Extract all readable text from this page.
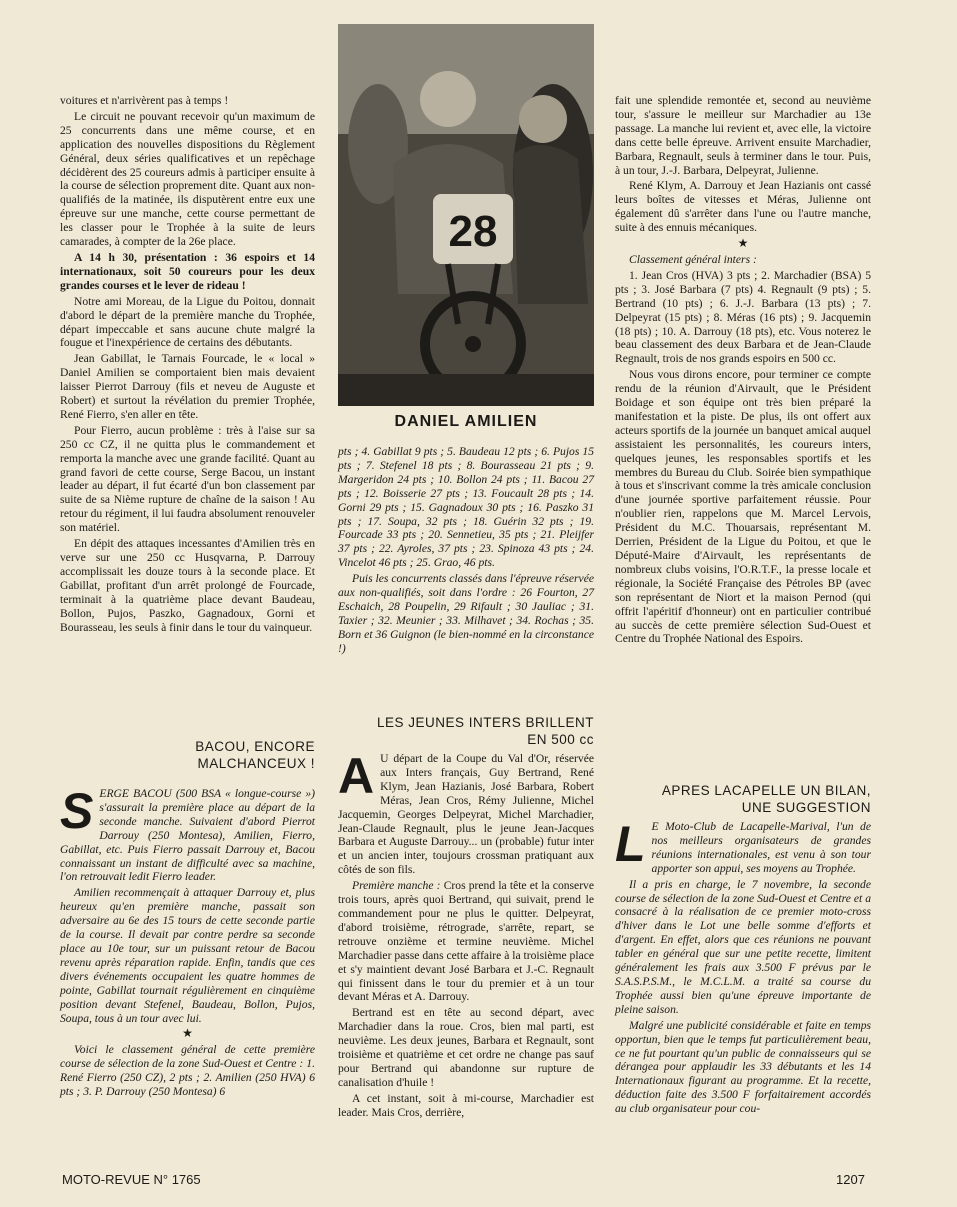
voitures et n'arrivèrent pas à temps !

Le circuit ne pouvant recevoir qu'un maximum de 25 concurrents dans une même course, et en application des nouvelles dispositions du Règlement Général, deux séries qualificatives et un repêchage décidèrent des 25 coureurs admis à participer ensuite à la course de sélection proprement dite. Quant aux non-qualifiés de la matinée, ils disputèrent entre eux une épreuve sur une manche, cette course permettant de les classer pour le Trophée à la suite de leurs camarades, à compter de la 26e place.

A 14 h 30, présentation : 36 espoirs et 14 internationaux, soit 50 coureurs pour les deux grandes courses et le lever de rideau !

Notre ami Moreau, de la Ligue du Poitou, donnait d'abord le départ de la première manche du Trophée, départ impeccable et sans aucune chute malgré la fougue et l'inexpérience de certains des débutants.

Jean Gabillat, le Tarnais Fourcade, le « local » Daniel Amilien se comportaient bien mais devaient laisser Pierrot Darrouy (fils et neveu de Auguste et Robert) et surtout la révélation du premier Trophée, René Fierro, s'en aller en tête.

Pour Fierro, aucun problème : très à l'aise sur sa 250 cc CZ, il ne quitta plus le commandement et remporta la manche avec une grande facilité. Quant au grand favori de cette course, Serge Bacou, un instant leader au départ, il fut écarté d'un bon classement par suite de sa Nième rupture de chaîne de la saison ! Au retour du régiment, il lui faudra absolument renouveler son matériel.

En dépit des attaques incessantes d'Amilien très en verve sur une 250 cc Husqvarna, P. Darrouy accomplissait les douze tours à la seconde place. Et Gabillat, profitant d'un arrêt prolongé de Fourcade, terminait à la quatrième place devant Baudeau, Bollon, Pujos, Paszko, Gagnadoux, Gorni et Bourasseau, les seuls à finir dans le tour du vainqueur.

BACOU, ENCORE MALCHANCEUX !

SERGE BACOU (500 BSA « longue-course ») s'assurait la première place au départ de la seconde manche. Suivaient d'abord Pierrot Darrouy (250 Montesa), Amilien, Fierro, Gabillat, etc. Puis Fierro passait Darrouy et, Bacou connaissant un instant de difficulté avec sa machine, l'on retrouvait ledit Fierro leader.

Amilien recommençait à attaquer Darrouy et, plus heureux qu'en première manche, passait son adversaire au 6e des 15 tours de cette seconde partie de la course. Il devait par contre perdre sa seconde place au 10e tour, sur un puissant retour de Bacou revenu après réparation rapide. Enfin, tandis que ces divers événements occupaient les quatre hommes de pointe, Gabillat tournait régulièrement en cinquième position devant Stefenel, Baudeau, Bollon, Pujos, Soupa, tous à un tour avec lui.

★

Voici le classement général de cette première course de sélection de la zone Sud-Ouest et Centre : 1. René Fierro (250 CZ), 2 pts ; 2. Amilien (250 HVA) 6 pts ; 3. P. Darrouy (250 Montesa) 6

28
DANIEL AMILIEN

pts ; 4. Gabillat 9 pts ; 5. Baudeau 12 pts ; 6. Pujos 15 pts ; 7. Stefenel 18 pts ; 8. Bourasseau 21 pts ; 9. Margeridon 24 pts ; 10. Bollon 24 pts ; 11. Bacou 27 pts ; 12. Boisserie 27 pts ; 13. Foucault 28 pts ; 14. Gorni 29 pts ; 15. Gagnadoux 30 pts ; 16. Paszko 31 pts ; 17. Soupa, 32 pts ; 18. Guérin 32 pts ; 19. Fourcade 33 pts ; 20. Sennetieu, 35 pts ; 21. Pleijfer 37 pts ; 22. Ayroles, 37 pts ; 23. Spinoza 43 pts ; 24. Vincelot 46 pts ; 25. Grao, 46 pts.

Puis les concurrents classés dans l'épreuve réservée aux non-qualifiés, soit dans l'ordre : 26 Fourton, 27 Eschaich, 28 Poupelin, 29 Rifault ; 30 Jauliac ; 31. Taxier ; 32. Meunier ; 33. Milhavet ; 34. Rochas ; 35. Born et 36 Guignon (le bien-nommé en la circonstance !)

LES JEUNES INTERS BRILLENT EN 500 cc

A U départ de la Coupe du Val d'Or, réservée aux Inters français, Guy Bertrand, René Klym, Jean Hazianis, José Barbara, Robert Méras, Jean Cros, Rémy Julienne, Michel Jacquemin, Georges Delpeyrat, Michel Marchadier, Jean-Claude Regnault, plus le jeune Jean-Jacques Barbara et Auguste Darrouy... un (probable) futur inter et un ancien inter, toujours crossman pratiquant aux côtés de son fils.

Première manche : Cros prend la tête et la conserve trois tours, après quoi Bertrand, qui suivait, prend le commandement pour ne plus le quitter. Delpeyrat, d'abord troisième, rétrograde, s'arrête, repart, se retrouve onzième et termine neuvième. Michel Marchadier passe dans cette affaire à la troisième place et s'y maintient devant José Barbara et J.-C. Regnault qui finissent dans le tour du premier et à un tour devant Méras et A. Darrouy.

Bertrand est en tête au second départ, avec Marchadier dans la roue. Cros, bien mal parti, est neuvième. Les deux jeunes, Barbara et Regnault, sont troisième et quatrième et cet ordre ne change pas sauf pour Bertrand qui abandonne sur rupture de canalisation d'huile !

A cet instant, soit à mi-course, Marchadier est leader. Mais Cros, derrière,

fait une splendide remontée et, second au neuvième tour, s'assure le meilleur sur Marchadier au 13e passage. La manche lui revient et, avec elle, la victoire dans cette belle épreuve. Arrivent ensuite Marchadier, Barbara, Regnault, seuls à terminer dans le tour. Puis, à un tour, J.-J. Barbara, Delpeyrat, Julienne.

René Klym, A. Darrouy et Jean Hazianis ont cassé leurs boîtes de vitesses et Méras, Julienne ont également dû s'arrêter dans l'une ou l'autre manche, suite à des ennuis mécaniques.

★

Classement général inters :

1. Jean Cros (HVA) 3 pts ; 2. Marchadier (BSA) 5 pts ; 3. José Barbara (7 pts) 4. Regnault (9 pts) ; 5. Bertrand (10 pts) ; 6. J.-J. Barbara (13 pts) ; 7. Delpeyrat (15 pts) ; 8. Méras (16 pts) ; 9. Jacquemin (18 pts) ; 10. A. Darrouy (18 pts), etc. Vous noterez le beau classement des deux Barbara et de Jean-Claude Regnault, trois de nos grands espoirs en 500 cc.

Nous vous dirons encore, pour terminer ce compte rendu de la réunion d'Airvault, que le Président Boidage et son équipe ont très bien préparé la manifestation et la piste. De plus, ils ont offert aux acteurs sportifs de la journée un banquet amical auquel assistaient les personnalités, les coureurs inters, quelques jeunes, les responsables sportifs et les membres du Bureau du Club. Soirée bien sympathique à tous et s'inscrivant comme la très amicale conclusion d'une journée sportive parfaitement réussie. Pour n'oublier rien, rappelons que M. Marcel Lervois, Président du M.C. Thouarsais, représentant M. Derrien, Président de la Ligue du Poitou, et que le Député-Maire d'Airvault, les représentants de nombreux clubs voisins, l'O.R.T.F., la presse locale et régionale, la Société Française des Pétroles BP (avec son représentant de Niort et la maison Pernod (qui offrit l'apéritif d'honneur) ont en particulier contribué au succès de cette première sélection Sud-Ouest et Centre du Trophée National des Espoirs.

APRES LACAPELLE UN BILAN, UNE SUGGESTION

L E Moto-Club de Lacapelle-Marival, l'un de nos meilleurs organisateurs de grandes réunions internationales, est venu à son tour apporter son appui, ses moyens au Trophée.

Il a pris en charge, le 7 novembre, la seconde course de sélection de la zone Sud-Ouest et Centre et a consacré à la réalisation de ce premier moto-cross d'hiver dans le Lot une belle somme d'efforts et d'argent. En effet, alors que ces réunions ne pouvant tabler en général que sur une petite recette, limitent généralement les frais aux 3.500 F prévus par le S.A.S.P.S.M., le M.C.L.M. a traité sa course du Trophée aussi bien qu'une épreuve importante de pleine saison.

Malgré une publicité considérable et faite en temps opportun, bien que le temps fut particulièrement beau, ce ne fut pourtant qu'un public de connaisseurs qui se dérangea pour applaudir les 33 débutants et les 14 Internationaux figurant au programme. Et la recette, déduction faite des 3.500 F forfaitairement accordés au club organisateur pour cou-

MOTO-REVUE N° 1765	1207
